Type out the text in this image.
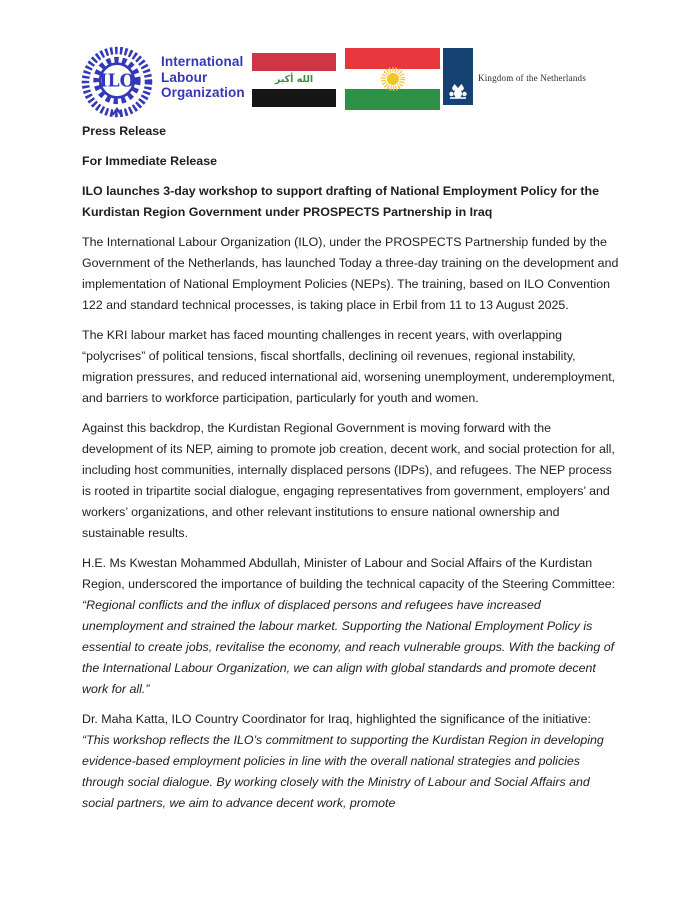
ILO
International
Labour
Organization
الله أكبر	Kingdom of the Netherlands

Press Release

For Immediate Release

ILO launches 3-day workshop to support drafting of National Employment Policy for the Kurdistan Region Government under PROSPECTS Partnership in Iraq

The International Labour Organization (ILO), under the PROSPECTS Partnership funded by the Government of the Netherlands, has launched Today a three-day training on the development and implementation of National Employment Policies (NEPs). The training, based on ILO Convention 122 and standard technical processes, is taking place in Erbil from 11 to 13 August 2025.

The KRI labour market has faced mounting challenges in recent years, with overlapping “polycrises” of political tensions, fiscal shortfalls, declining oil revenues, regional instability, migration pressures, and reduced international aid, worsening unemployment, underemployment, and barriers to workforce participation, particularly for youth and women.

Against this backdrop, the Kurdistan Regional Government is moving forward with the development of its NEP, aiming to promote job creation, decent work, and social protection for all, including host communities, internally displaced persons (IDPs), and refugees. The NEP process is rooted in tripartite social dialogue, engaging representatives from government, employers’ and workers’ organizations, and other relevant institutions to ensure national ownership and sustainable results.

H.E. Ms Kwestan Mohammed Abdullah, Minister of Labour and Social Affairs of the Kurdistan Region, underscored the importance of building the technical capacity of the Steering Committee: “Regional conflicts and the influx of displaced persons and refugees have increased unemployment and strained the labour market. Supporting the National Employment Policy is essential to create jobs, revitalise the economy, and reach vulnerable groups. With the backing of the International Labour Organization, we can align with global standards and promote decent work for all.”

Dr. Maha Katta, ILO Country Coordinator for Iraq, highlighted the significance of the initiative: “This workshop reflects the ILO’s commitment to supporting the Kurdistan Region in developing evidence-based employment policies in line with the overall national strategies and policies through social dialogue. By working closely with the Ministry of Labour and Social Affairs and social partners, we aim to advance decent work, promote
